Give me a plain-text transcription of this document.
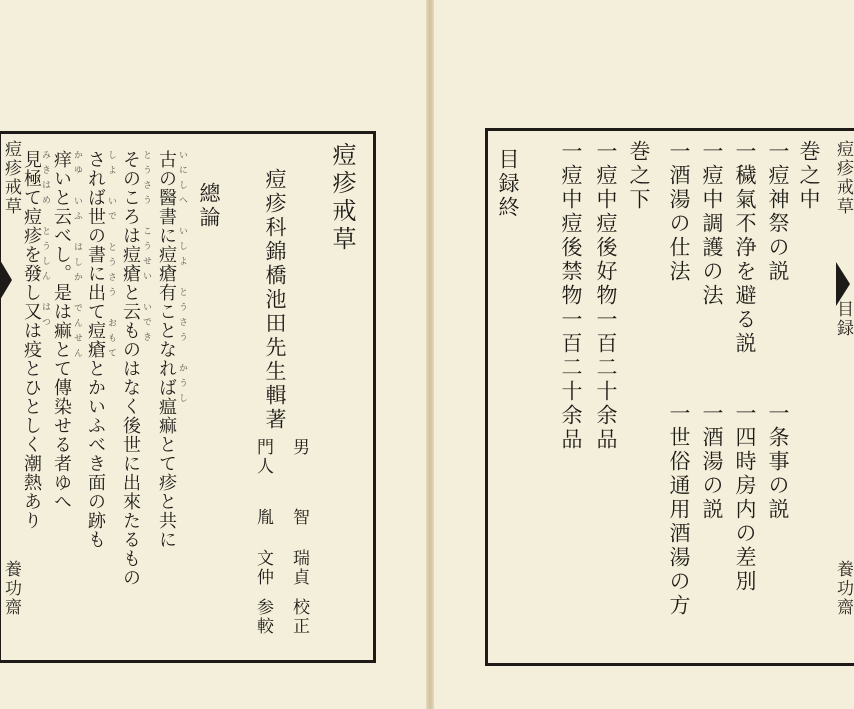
痘疹戒草
養功齋
痘疹戒草
痘疹科錦橋池田先生輯著
總論
男
智 瑞貞
校正
門人
胤 文仲
参較
古の醫書に痘瘡有ことなれば瘟痲とて疹と共に いにしへ いしよ とうさう かうし
そのころは痘瘡と云ものはなく後世に出來たるもの とうさう こうせい いでき
されば世の書に出て痘瘡とかいふべき面の跡も しよ いで とうさう おもて
痒いと云べし。是は痲とて傳染せる者ゆへ かゆ いふ はしか でんせん
見極て痘疹を發し又は疫とひとしく潮熱あり
みきはめ とうしん はつ	痘疹戒草
目録
養功齋
巻之中
一痘神祭の説
一穢氣不浄を避る説
一痘中調護の法
一酒湯の仕法
一条事の説
一四時房内の差別
一酒湯の説
一世俗通用酒湯の方
巻之下
一痘中痘後好物一百二十余品
一痘中痘後禁物一百二十余品
目録終
